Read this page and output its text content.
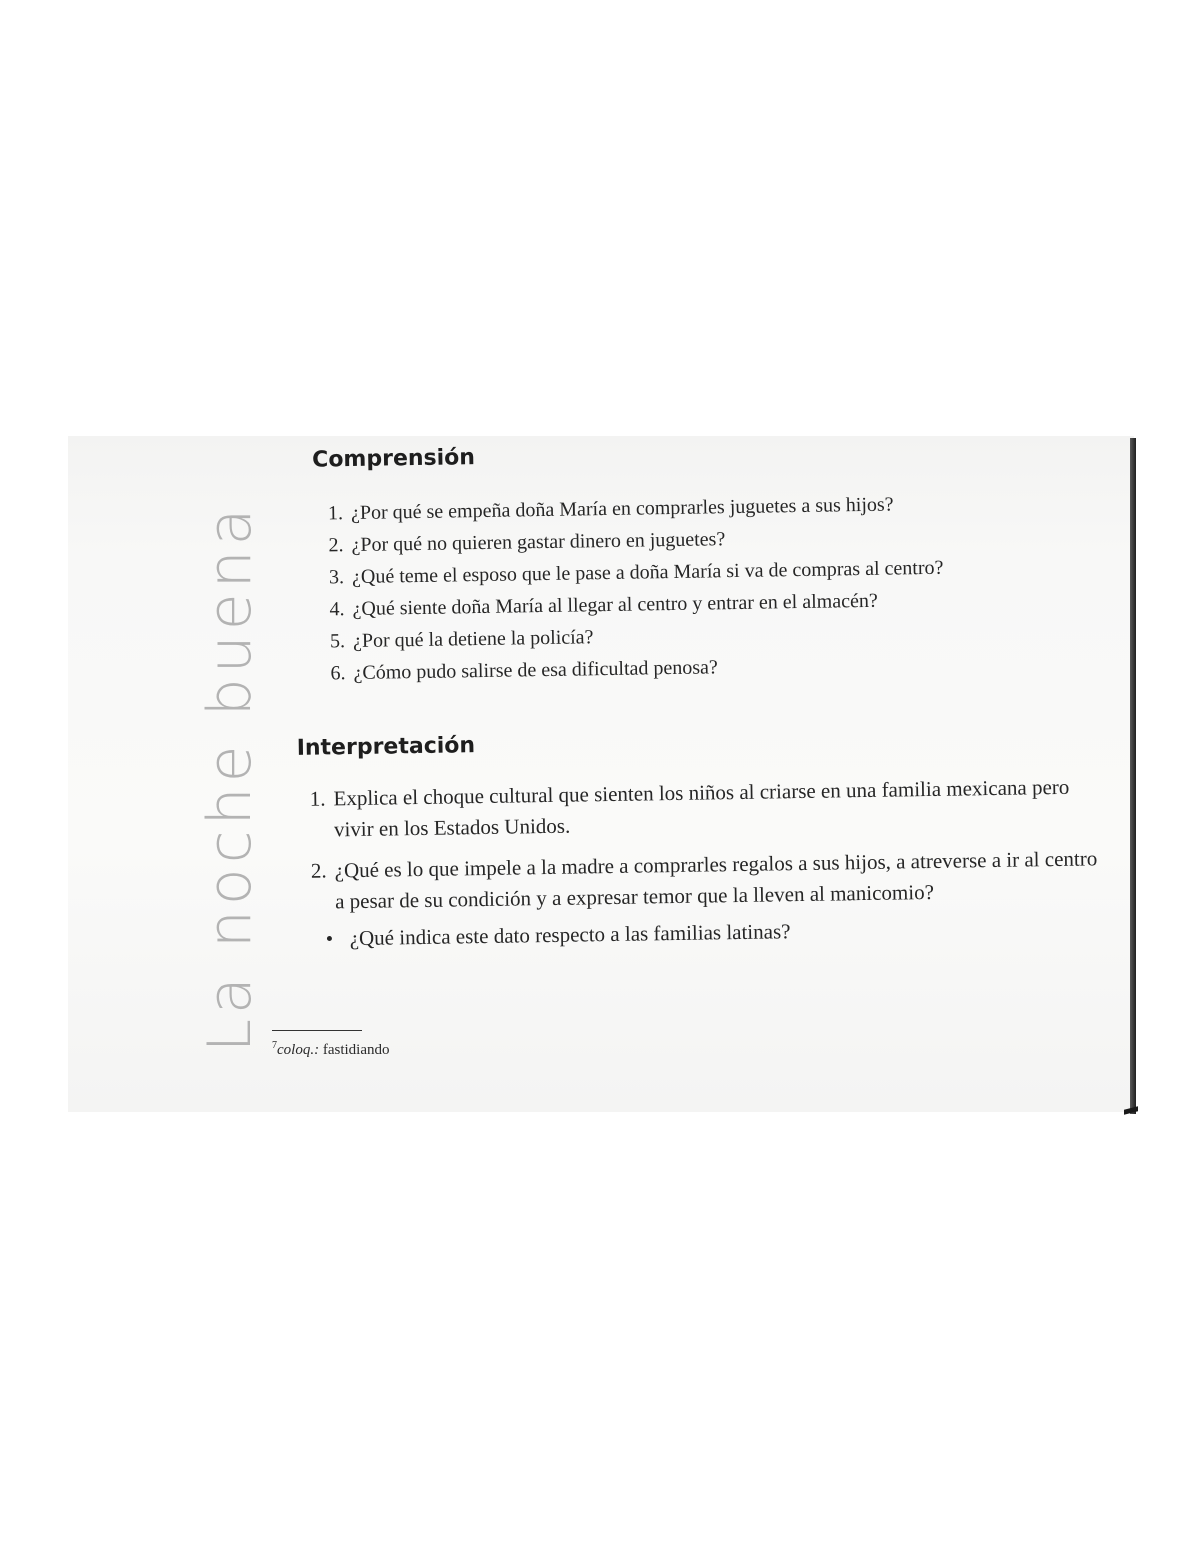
La noche buena
Comprensión
1. ¿Por qué se empeña doña María en comprarles juguetes a sus hijos?
2. ¿Por qué no quieren gastar dinero en juguetes?
3. ¿Qué teme el esposo que le pase a doña María si va de compras al centro?
4. ¿Qué siente doña María al llegar al centro y entrar en el almacén?
5. ¿Por qué la detiene la policía?
6. ¿Cómo pudo salirse de esa dificultad penosa?
Interpretación
1. Explica el choque cultural que sienten los niños al criarse en una familia mexicana pero vivir en los Estados Unidos.
2. ¿Qué es lo que impele a la madre a comprarles regalos a sus hijos, a atreverse a ir al centro a pesar de su condición y a expresar temor que la lleven al manicomio?
• ¿Qué indica este dato respecto a las familias latinas?
$^7$coloq.: fastidiando
